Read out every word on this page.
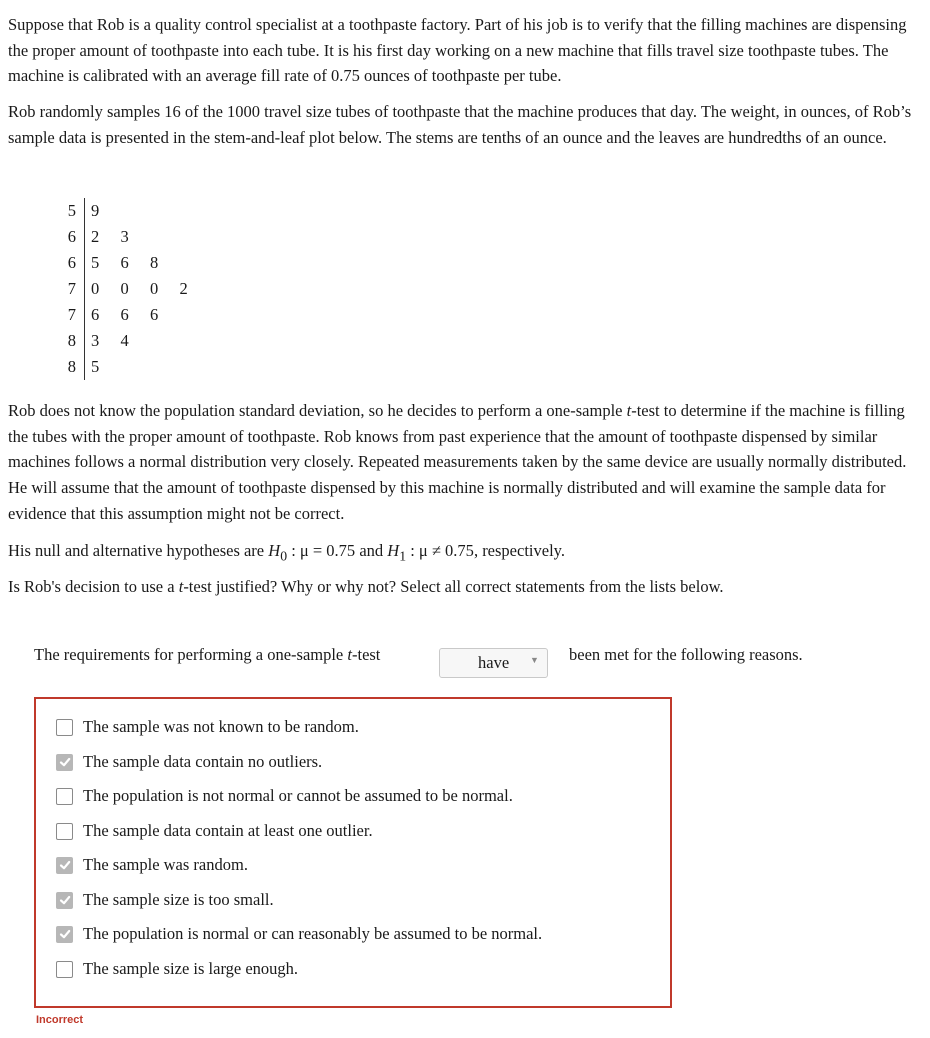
Suppose that Rob is a quality control specialist at a toothpaste factory. Part of his job is to verify that the filling machines are dispensing the proper amount of toothpaste into each tube. It is his first day working on a new machine that fills travel size toothpaste tubes. The machine is calibrated with an average fill rate of 0.75 ounces of toothpaste per tube.

Rob randomly samples 16 of the 1000 travel size tubes of toothpaste that the machine produces that day. The weight, in ounces, of Rob’s sample data is presented in the stem-and-leaf plot below. The stems are tenths of an ounce and the leaves are hundredths of an ounce.

5 9
6 2	3
6 5	6	8
7 0	0	0	2
7 6	6	6
8 3	4
8 5

Rob does not know the population standard deviation, so he decides to perform a one-sample t-test to determine if the machine is filling the tubes with the proper amount of toothpaste. Rob knows from past experience that the amount of toothpaste dispensed by similar machines follows a normal distribution very closely. Repeated measurements taken by the same device are usually normally distributed. He will assume that the amount of toothpaste dispensed by this machine is normally distributed and will examine the sample data for evidence that this assumption might not be correct.

His null and alternative hypotheses are $H_0$ : μ = 0.75 and $H_1$ : μ ≠ 0.75, respectively.

Is Rob's decision to use a t-test justified? Why or why not? Select all correct statements from the lists below.

The requirements for performing a one-sample t-test	have ▼ been met for the following reasons.
The sample was not known to be random.
The sample data contain no outliers.
The population is not normal or cannot be assumed to be normal.
The sample data contain at least one outlier.
The sample was random.
The sample size is too small.
The population is normal or can reasonably be assumed to be normal.
The sample size is large enough.
Incorrect
